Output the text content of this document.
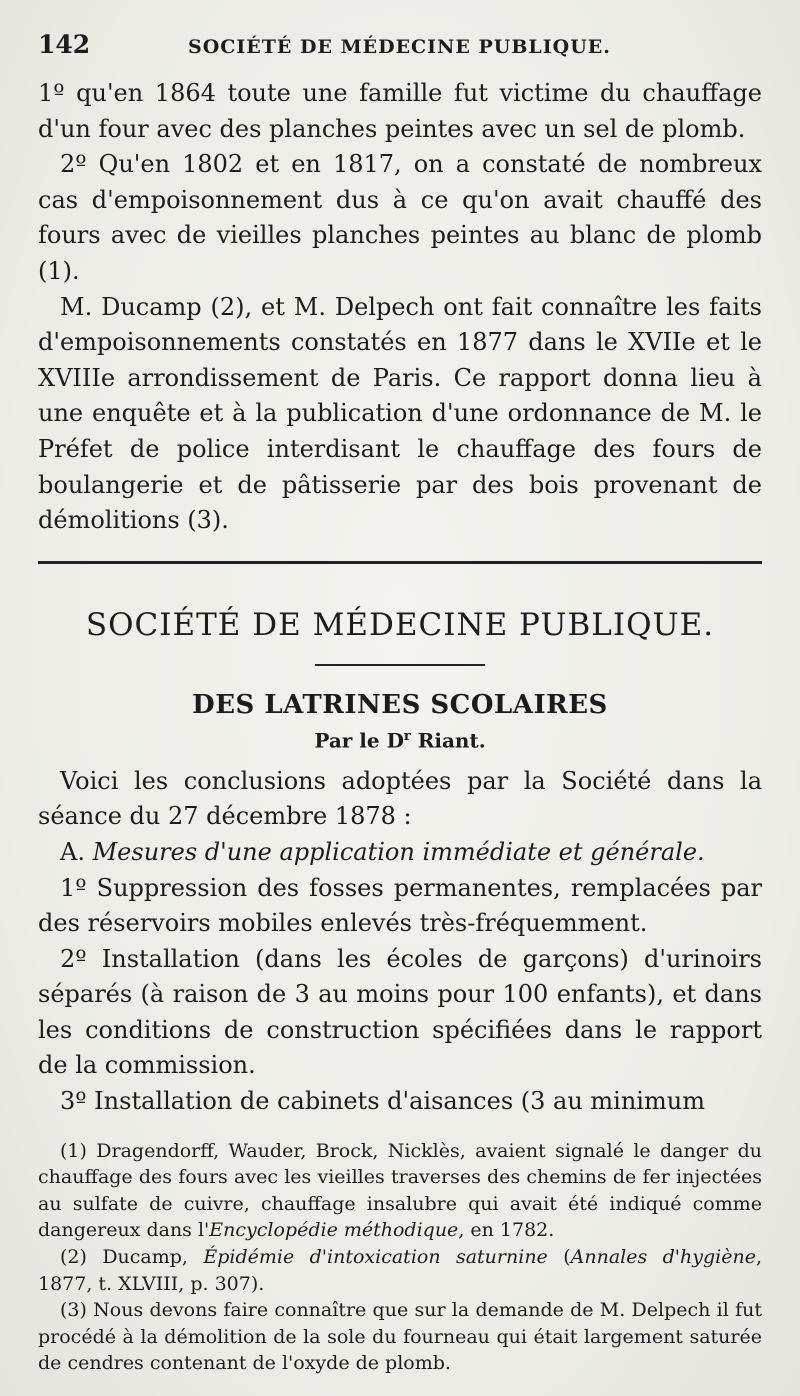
142	SOCIÉTÉ DE MÉDECINE PUBLIQUE.

1º qu'en 1864 toute une famille fut victime du chauffage d'un four avec des planches peintes avec un sel de plomb.

2º Qu'en 1802 et en 1817, on a constaté de nombreux cas d'empoisonnement dus à ce qu'on avait chauffé des fours avec de vieilles planches peintes au blanc de plomb (1).

M. Ducamp (2), et M. Delpech ont fait connaître les faits d'empoisonnements constatés en 1877 dans le XVIIe et le XVIIIe arrondissement de Paris. Ce rapport donna lieu à une enquête et à la publication d'une ordonnance de M. le Préfet de police interdisant le chauffage des fours de boulangerie et de pâtisserie par des bois provenant de démolitions (3).

SOCIÉTÉ DE MÉDECINE PUBLIQUE.
DES LATRINES SCOLAIRES
Par le $D^r$ Riant.

Voici les conclusions adoptées par la Société dans la séance du 27 décembre 1878 :

A. Mesures d'une application immédiate et générale.

1º Suppression des fosses permanentes, remplacées par des réservoirs mobiles enlevés très-fréquemment.

2º Installation (dans les écoles de garçons) d'urinoirs séparés (à raison de 3 au moins pour 100 enfants), et dans les conditions de construction spécifiées dans le rapport de la commission.

3º Installation de cabinets d'aisances (3 au minimum

(1) Dragendorff, Wauder, Brock, Nicklès, avaient signalé le danger du chauffage des fours avec les vieilles traverses des chemins de fer injectées au sulfate de cuivre, chauffage insalubre qui avait été indiqué comme dangereux dans l'Encyclopédie méthodique, en 1782.

(2) Ducamp, Épidémie d'intoxication saturnine (Annales d'hygiène, 1877, t. XLVIII, p. 307).

(3) Nous devons faire connaître que sur la demande de M. Delpech il fut procédé à la démolition de la sole du fourneau qui était largement saturée de cendres contenant de l'oxyde de plomb.
